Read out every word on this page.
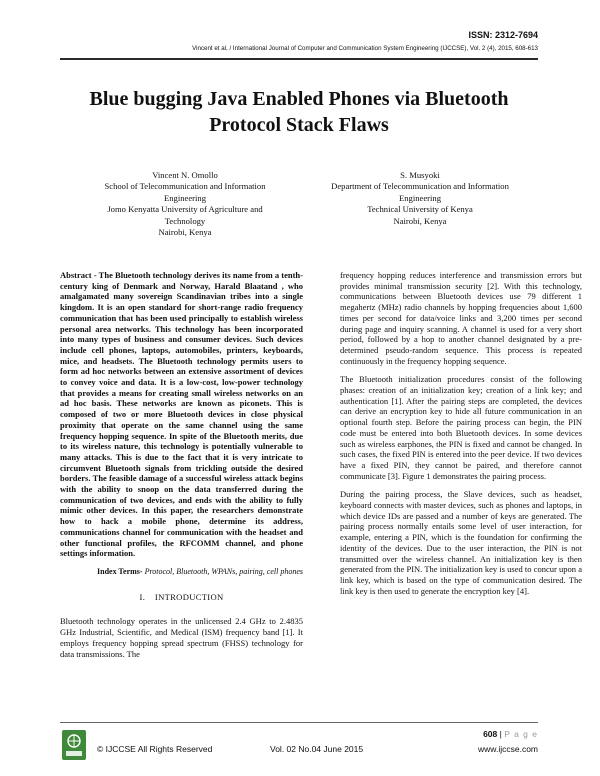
ISSN: 2312-7694
Vincent et al, / International Journal of Computer and Communication System Engineering (IJCCSE), Vol. 2 (4), 2015, 608-613
Blue bugging Java Enabled Phones via Bluetooth
Protocol Stack Flaws
Vincent N. Omollo
School of Telecommunication and Information
Engineering
Jomo Kenyatta University of Agriculture and
Technology
Nairobi, Kenya
S. Musyoki
Department of Telecommunication and Information
Engineering
Technical University of Kenya
Nairobi, Kenya

Abstract - The Bluetooth technology derives its name from a tenth-century king of Denmark and Norway, Harald Blaatand , who amalgamated many sovereign Scandinavian tribes into a single kingdom. It is an open standard for short-range radio frequency communication that has been used principally to establish wireless personal area networks. This technology has been incorporated into many types of business and consumer devices. Such devices include cell phones, laptops, automobiles, printers, keyboards, mice, and headsets. The Bluetooth technology permits users to form ad hoc networks between an extensive assortment of devices to convey voice and data. It is a low-cost, low-power technology that provides a means for creating small wireless networks on an ad hoc basis. These networks are known as piconets. This is composed of two or more Bluetooth devices in close physical proximity that operate on the same channel using the same frequency hopping sequence. In spite of the Bluetooth merits, due to its wireless nature, this technology is potentially vulnerable to many attacks. This is due to the fact that it is very intricate to circumvent Bluetooth signals from trickling outside the desired borders. The feasible damage of a successful wireless attack begins with the ability to snoop on the data transferred during the communication of two devices, and ends with the ability to fully mimic other devices. In this paper, the researchers demonstrate how to hack a mobile phone, determine its address, communications channel for communication with the headset and other functional profiles, the RFCOMM channel, and phone settings information.

Index Terms- Protocol, Bluetooth, WPANs, pairing, cell phones

I.    INTRODUCTION

Bluetooth technology operates in the unlicensed 2.4 GHz to 2.4835 GHz Industrial, Scientific, and Medical (ISM) frequency band [1]. It employs frequency hopping spread spectrum (FHSS) technology for data transmissions. The

frequency hopping reduces interference and transmission errors but provides minimal transmission security [2]. With this technology, communications between Bluetooth devices use 79 different 1 megahertz (MHz) radio channels by hopping frequencies about 1,600 times per second for data/voice links and 3,200 times per second during page and inquiry scanning. A channel is used for a very short period, followed by a hop to another channel designated by a pre-determined pseudo-random sequence. This process is repeated continuously in the frequency hopping sequence.

The Bluetooth initialization procedures consist of the following phases: creation of an initialization key; creation of a link key; and authentication [1]. After the pairing steps are completed, the devices can derive an encryption key to hide all future communication in an optional fourth step. Before the pairing process can begin, the PIN code must be entered into both Bluetooth devices. In some devices such as wireless earphones, the PIN is fixed and cannot be changed. In such cases, the fixed PIN is entered into the peer device. If two devices have a fixed PIN, they cannot be paired, and therefore cannot communicate [3]. Figure 1 demonstrates the pairing process.

During the pairing process, the Slave devices, such as headset, keyboard connects with master devices, such as phones and laptops, in which device IDs are passed and a number of keys are generated. The pairing process normally entails some level of user interaction, for example, entering a PIN, which is the foundation for confirming the identity of the devices. Due to the user interaction, the PIN is not transmitted over the wireless channel. An initialization key is then generated from the PIN. The initialization key is used to concur upon a link key, which is based on the type of communication desired. The link key is then used to generate the encryption key [4].

© IJCCSE All Rights Reserved	Vol. 02 No.04 June 2015
608 | P a g e
www.ijccse.com
